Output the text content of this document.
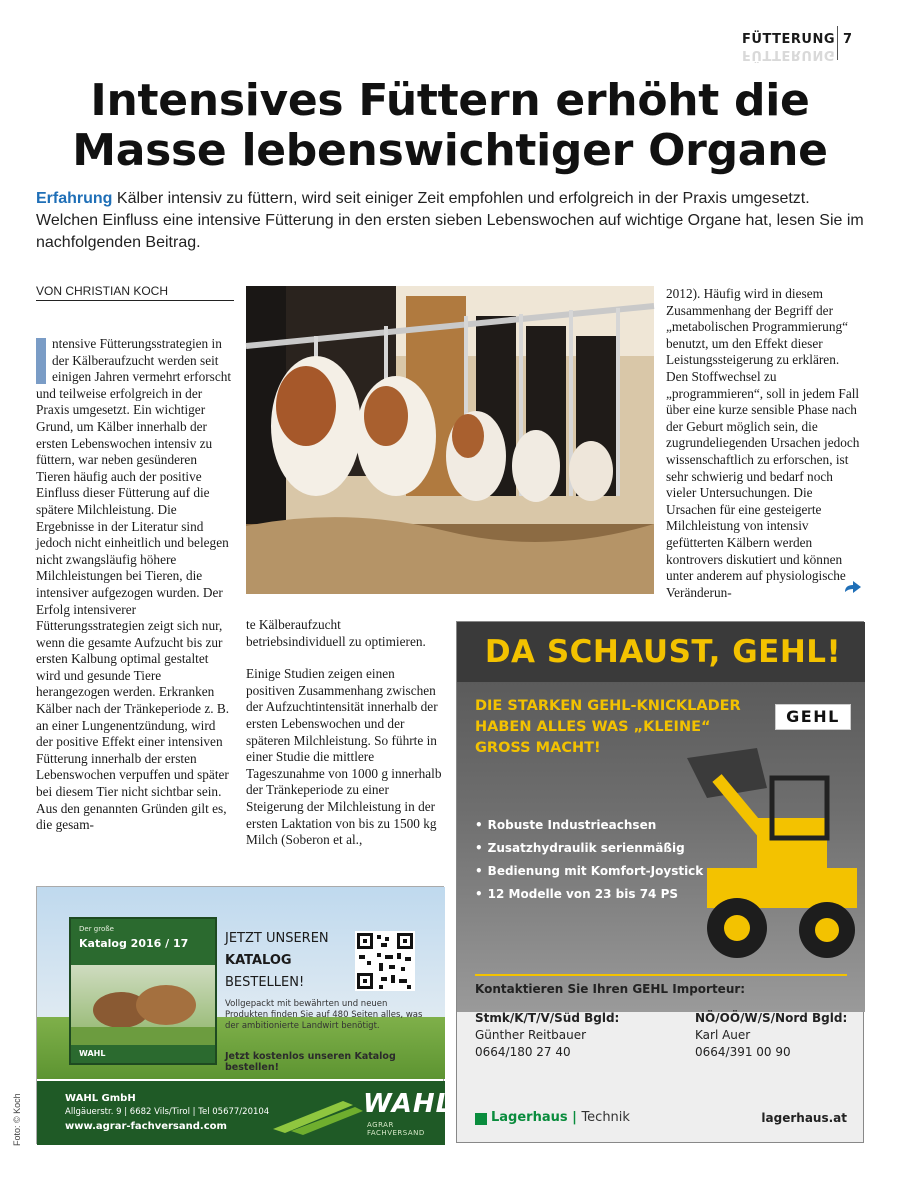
FÜTTERUNG
FÜTTERUNG
7
Intensives Füttern erhöht die
Masse lebenswichtiger Organe
Erfahrung Kälber intensiv zu füttern, wird seit einiger Zeit empfohlen und erfolgreich in der Praxis umgesetzt. Welchen Einfluss eine intensive Fütterung in den ersten sieben Lebenswochen auf wichtige Organe hat, lesen Sie im nachfolgenden Beitrag.
VON CHRISTIAN KOCH

ntensive Fütterungsstrategien in der Kälberaufzucht werden seit einigen Jahren vermehrt erforscht und teilweise erfolgreich in der Praxis umgesetzt. Ein wichtiger Grund, um Kälber innerhalb der ersten Lebenswochen intensiv zu füttern, war neben gesünderen Tieren häufig auch der positive Einfluss dieser Fütterung auf die spätere Milchleistung. Die Ergebnisse in der Literatur sind jedoch nicht einheitlich und belegen nicht zwangsläufig höhere Milchleistungen bei Tieren, die intensiver aufgezogen wurden. Der Erfolg intensiverer Fütterungsstrategien zeigt sich nur, wenn die gesamte Aufzucht bis zur ersten Kalbung optimal gestaltet wird und gesunde Tiere herangezogen werden. Erkranken Kälber nach der Tränkeperiode z. B. an einer Lungenentzündung, wird der positive Effekt einer intensiven Fütterung innerhalb der ersten Lebenswochen verpuffen und später bei diesem Tier nicht sichtbar sein. Aus den genannten Gründen gilt es, die gesam-

te Kälberaufzucht betriebsindividuell zu optimieren.

Einige Studien zeigen einen positiven Zusammenhang zwischen der Aufzuchtintensität innerhalb der ersten Lebenswochen und der späteren Milchleistung. So führte in einer Studie die mittlere Tageszunahme von 1000 g innerhalb der Tränkeperiode zu einer Steigerung der Milchleistung in der ersten Laktation von bis zu 1500 kg Milch (Soberon et al.,

2012). Häufig wird in diesem Zusammenhang der Begriff der „metabolischen Programmierung“ benutzt, um den Effekt dieser Leistungssteigerung zu erklären. Den Stoffwechsel zu „programmieren“, soll in jedem Fall über eine kurze sensible Phase nach der Geburt möglich sein, die zugrundeliegenden Ursachen jedoch wissenschaftlich zu erforschen, ist sehr schwierig und bedarf noch vieler Untersuchungen. Die Ursachen für eine gesteigerte Milchleistung von intensiv gefütterten Kälbern werden kontrovers diskutiert und können unter anderem auf physiologische Veränderun-

DA SCHAUST, GEHL!
DIE STARKEN GEHL-KNICKLADER
HABEN ALLES WAS „KLEINE“
GROSS MACHT!
GEHL
• Robuste Industrieachsen
• Zusatzhydraulik serienmäßig
• Bedienung mit Komfort-Joystick
• 12 Modelle von 23 bis 74 PS
Kontaktieren Sie Ihren GEHL Importeur:
Stmk/K/T/V/Süd Bgld:
Günther Reitbauer
0664/180 27 40
NÖ/OÖ/W/S/Nord Bgld:
Karl Auer
0664/391 00 90
Lagerhaus | Technik	lagerhaus.at
Der große
Katalog 2016 / 17
WAHL
JETZT UNSEREN
KATALOG
BESTELLEN!
Vollgepackt mit bewährten und neuen Produkten finden Sie auf 480 Seiten alles, was der ambitionierte Landwirt benötigt.
Jetzt kostenlos unseren Katalog bestellen!
WAHL GmbH
Allgäuerstr. 9 | 6682 Vils/Tirol | Tel 05677/20104
www.agrar-fachversand.com
WAHL
AGRAR FACHVERSAND
Foto: © Koch
